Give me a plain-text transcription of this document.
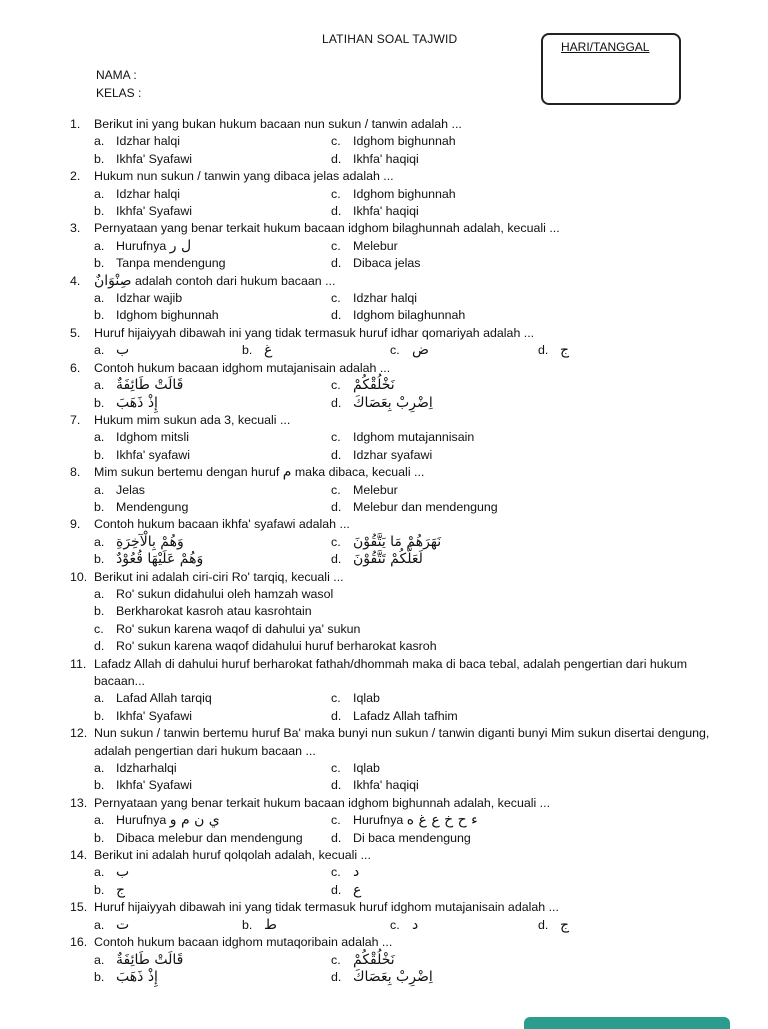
LATIHAN SOAL TAJWID
HARI/TANGGAL
NAMA :
KELAS :
1.	Berikut ini yang bukan hukum bacaan nun sukun / tanwin adalah ...
a. Idzhar halqi	c. Idghom bighunnah
b. Ikhfa' Syafawi	d. Ikhfa' haqiqi
2.	Hukum nun sukun / tanwin yang dibaca jelas adalah ...
a. Idzhar halqi	c. Idghom bighunnah
b. Ikhfa' Syafawi	d. Ikhfa' haqiqi
3.	Pernyataan yang benar terkait hukum bacaan idghom bilaghunnah adalah, kecuali ...
a. Hurufnya ل ر	c. Melebur
b. Tanpa mendengung	d. Dibaca jelas
4. صِنْوَانٌ adalah contoh dari hukum bacaan ...
a. Idzhar wajib	c. Idzhar halqi
b. Idghom bighunnah	d. Idghom bilaghunnah
5.	Huruf hijaiyyah dibawah ini yang tidak termasuk huruf idhar qomariyah adalah ...
a. ب	b. غ	c. ض	d. ج
6.	Contoh hukum bacaan idghom mutajanisain adalah ...
a. قَالَتْ طَائِفَةٌ	c. نَخْلُقْكُمْ
b. إِذْ ذَهَبَ	d. اِضْرِبْ بِعَصَاكَ
7.	Hukum mim sukun ada 3, kecuali ...
a. Idghom mitsli	c. Idghom mutajannisain
b. Ikhfa' syafawi	d. Idzhar syafawi
8.	Mim sukun bertemu dengan huruf م maka dibaca, kecuali ...
a. Jelas	c. Melebur
b. Mendengung	d. Melebur dan mendengung
9.	Contoh hukum bacaan ikhfa' syafawi adalah ...
a. وَهُمْ بِالْآخِرَةِ	c. نَهَرَهُمْ مَا يَتَّقُوْنَ
b. وَهُمْ عَلَيْهَا قُعُوْدٌ	d. لَعَلَّكُمْ تَتَّقُوْنَ
10. Berikut ini adalah ciri-ciri Ro' tarqiq, kecuali ...
a. Ro' sukun didahului oleh hamzah wasol
b. Berkharokat kasroh atau kasrohtain
c. Ro' sukun karena waqof di dahului ya' sukun
d. Ro' sukun karena waqof didahului huruf berharokat kasroh
11. Lafadz Allah di dahului huruf berharokat fathah/dhommah maka di baca tebal, adalah pengertian dari hukum bacaan...
a. Lafad Allah tarqiq	c. Iqlab
b. Ikhfa' Syafawi	d. Lafadz Allah tafhim
12. Nun sukun / tanwin bertemu huruf Ba' maka bunyi nun sukun / tanwin diganti bunyi Mim sukun disertai dengung, adalah pengertian dari hukum bacaan ...
a. Idzharhalqi	c. Iqlab
b. Ikhfa' Syafawi	d. Ikhfa' haqiqi
13. Pernyataan yang benar terkait hukum bacaan idghom bighunnah adalah, kecuali ...
a. Hurufnya ي ن م و	c. Hurufnya ء ح خ ع غ ه
b. Dibaca melebur dan mendengung d. Di baca mendengung
14. Berikut ini adalah huruf qolqolah adalah, kecuali ...
a. ب	c. د
b. ج	d. ع
15. Huruf hijaiyyah dibawah ini yang tidak termasuk huruf idghom mutajanisain adalah ...
a. ت	b. ط	c. د	d. ج
16. Contoh hukum bacaan idghom mutaqoribain adalah ...
a. قَالَتْ طَائِفَةٌ	c. نَخْلُقْكُمْ
b. إِذْ ذَهَبَ	d. اِضْرِبْ بِعَصَاكَ
